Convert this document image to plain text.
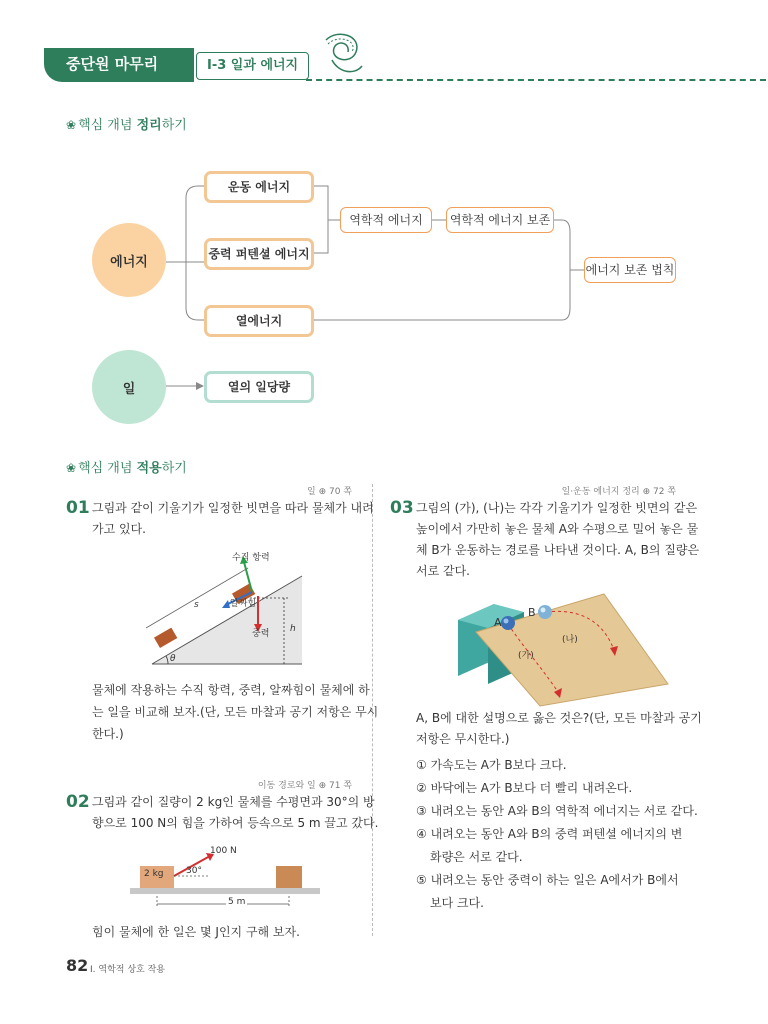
중단원 마무리	Ⅰ-3 일과 에너지
❀ 핵심 개념 정리하기
에너지
일
운동 에너지
중력 퍼텐셜 에너지
열에너지
역학적 에너지	역학적 에너지 보존
에너지 보존 법칙
열의 일당량
❀ 핵심 개념 적용하기
일 ⊕ 70 쪽
01 그림과 같이 기울기가 일정한 빗면을 따라 물체가 내려
가고 있다.
수직 항력
알짜힘
중력
s
h
θ
물체에 작용하는 수직 항력, 중력, 알짜힘이 물체에 하
는 일을 비교해 보자.(단, 모든 마찰과 공기 저항은 무시
한다.)
이동 경로와 일 ⊕ 71 쪽
02 그림과 같이 질량이 2 kg인 물체를 수평면과 30°의 방
향으로 100 N의 힘을 가하여 등속으로 5 m 끌고 갔다.
100 N
2 kg 30°
5 m
힘이 물체에 한 일은 몇 J인지 구해 보자.
일·운동 에너지 정리 ⊕ 72 쪽
03 그림의 (가), (나)는 각각 기울기가 일정한 빗면의 같은
높이에서 가만히 놓은 물체 A와 수평으로 밀어 놓은 물
체 B가 운동하는 경로를 나타낸 것이다. A, B의 질량은
서로 같다.
A
B
(가)
(나)
A, B에 대한 설명으로 옳은 것은?(단, 모든 마찰과 공기
저항은 무시한다.)
① 가속도는 A가 B보다 크다.
② 바닥에는 A가 B보다 더 빨리 내려온다.
③ 내려오는 동안 A와 B의 역학적 에너지는 서로 같다.
④ 내려오는 동안 A와 B의 중력 퍼텐셜 에너지의 변
화량은 서로 같다.
⑤ 내려오는 동안 중력이 하는 일은 A에서가 B에서
보다 크다.
82 Ⅰ. 역학적 상호 작용
